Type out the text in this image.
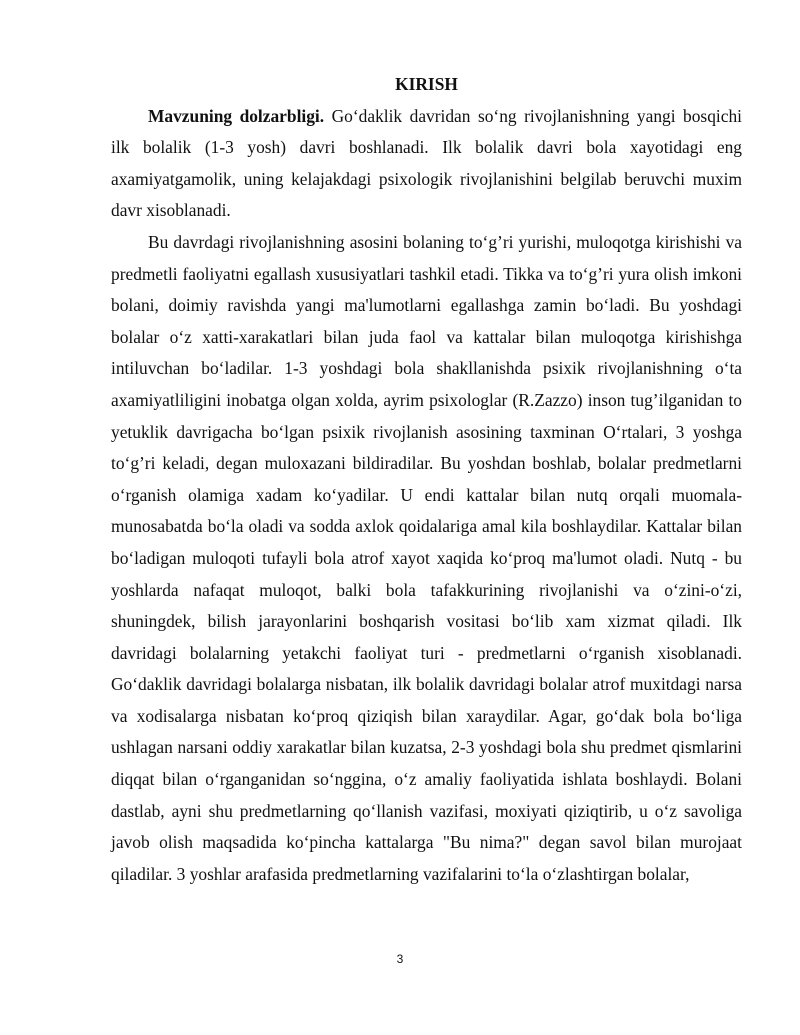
KIRISH

Mavzuning dolzarbligi. Go‘daklik davridan so‘ng rivojlanishning yangi bosqichi ilk bolalik (1-3 yosh) davri boshlanadi. Ilk bolalik davri bola xayotidagi eng axamiyatgamolik, uning kelajakdagi psixologik rivojlanishini belgilab beruvchi muxim davr xisoblanadi.

Bu davrdagi rivojlanishning asosini bolaning to‘g’ri yurishi, muloqotga kirishishi va predmetli faoliyatni egallash xususiyatlari tashkil etadi. Tikka va to‘g’ri yura olish imkoni bolani, doimiy ravishda yangi ma'lumotlarni egallashga zamin bo‘ladi. Bu yoshdagi bolalar o‘z xatti-xarakatlari bilan juda faol va kattalar bilan muloqotga kirishishga intiluvchan bo‘ladilar. 1-3 yoshdagi bola shakllanishda psixik rivojlanishning o‘ta axamiyatliligini inobatga olgan xolda, ayrim psixologlar (R.Zazzo) inson tug’ilganidan to yetuklik davrigacha bo‘lgan psixik rivojlanish asosining taxminan O‘rtalari, 3 yoshga to‘g’ri keladi, degan muloxazani bildiradilar. Bu yoshdan boshlab, bolalar predmetlarni o‘rganish olamiga xadam ko‘yadilar. U endi kattalar bilan nutq orqali muomala-munosabatda bo‘la oladi va sodda axlok qoidalariga amal kila boshlaydilar. Kattalar bilan bo‘ladigan muloqoti tufayli bola atrof xayot xaqida ko‘proq ma'lumot oladi. Nutq - bu yoshlarda nafaqat muloqot, balki bola tafakkurining rivojlanishi va o‘zini-o‘zi, shuningdek, bilish jarayonlarini boshqarish vositasi bo‘lib xam xizmat qiladi. Ilk davridagi bolalarning yetakchi faoliyat turi - predmetlarni o‘rganish xisoblanadi. Go‘daklik davridagi bolalarga nisbatan, ilk bolalik davridagi bolalar atrof muxitdagi narsa va xodisalarga nisbatan ko‘proq qiziqish bilan xaraydilar. Agar, go‘dak bola bo‘liga ushlagan narsani oddiy xarakatlar bilan kuzatsa, 2-3 yoshdagi bola shu predmet qismlarini diqqat bilan o‘rganganidan so‘nggina, o‘z amaliy faoliyatida ishlata boshlaydi. Bolani dastlab, ayni shu predmetlarning qo‘llanish vazifasi, moxiyati qiziqtirib, u o‘z savoliga javob olish maqsadida ko‘pincha kattalarga "Bu nima?" degan savol bilan murojaat qiladilar. 3 yoshlar arafasida predmetlarning vazifalarini to‘la o‘zlashtirgan bolalar,

3
